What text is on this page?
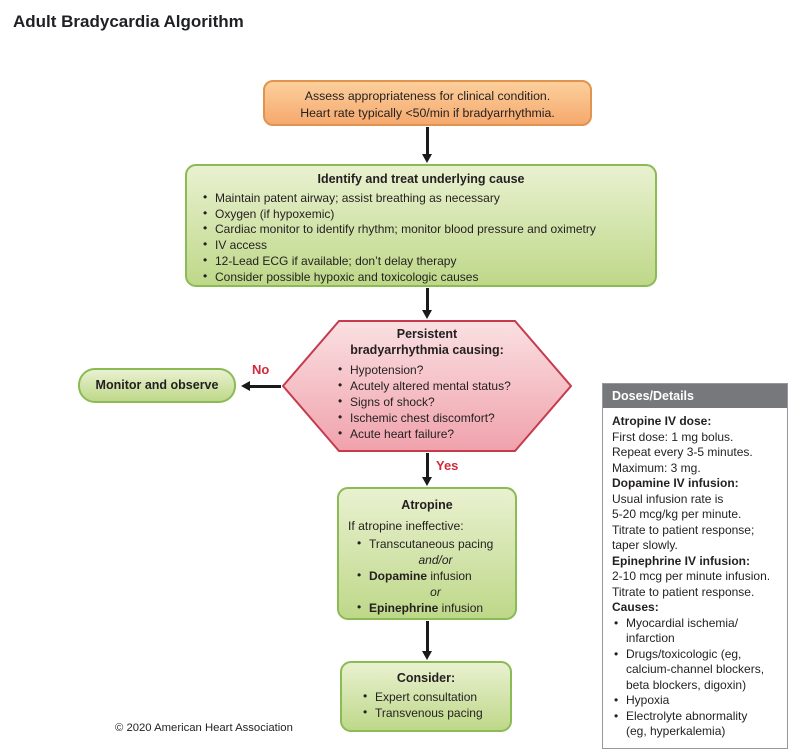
Adult Bradycardia Algorithm
Assess appropriateness for clinical condition.
Heart rate typically <50/min if bradyarrhythmia.
Identify and treat underlying cause
• Maintain patent airway; assist breathing as necessary
• Oxygen (if hypoxemic)
• Cardiac monitor to identify rhythm; monitor blood pressure and oximetry
• IV access
• 12-Lead ECG if available; don’t delay therapy
• Consider possible hypoxic and toxicologic causes
Persistent
bradyarrhythmia causing:
• Hypotension?
• Acutely altered mental status?
• Signs of shock?
• Ischemic chest discomfort?
• Acute heart failure?
No
Monitor and observe
Yes
Atropine
If atropine ineffective:
• Transcutaneous pacing
and/or
• Dopamine infusion
or
• Epinephrine infusion
Consider:
• Expert consultation
• Transvenous pacing
Doses/Details
Atropine IV dose:
First dose: 1 mg bolus.
Repeat every 3-5 minutes.
Maximum: 3 mg.
Dopamine IV infusion:
Usual infusion rate is
5-20 mcg/kg per minute.
Titrate to patient response;
taper slowly.
Epinephrine IV infusion:
2-10 mcg per minute infusion.
Titrate to patient response.
Causes:
• Myocardial ischemia/
infarction
• Drugs/toxicologic (eg,
calcium-channel blockers,
beta blockers, digoxin)
• Hypoxia
• Electrolyte abnormality
(eg, hyperkalemia)
© 2020 American Heart Association
